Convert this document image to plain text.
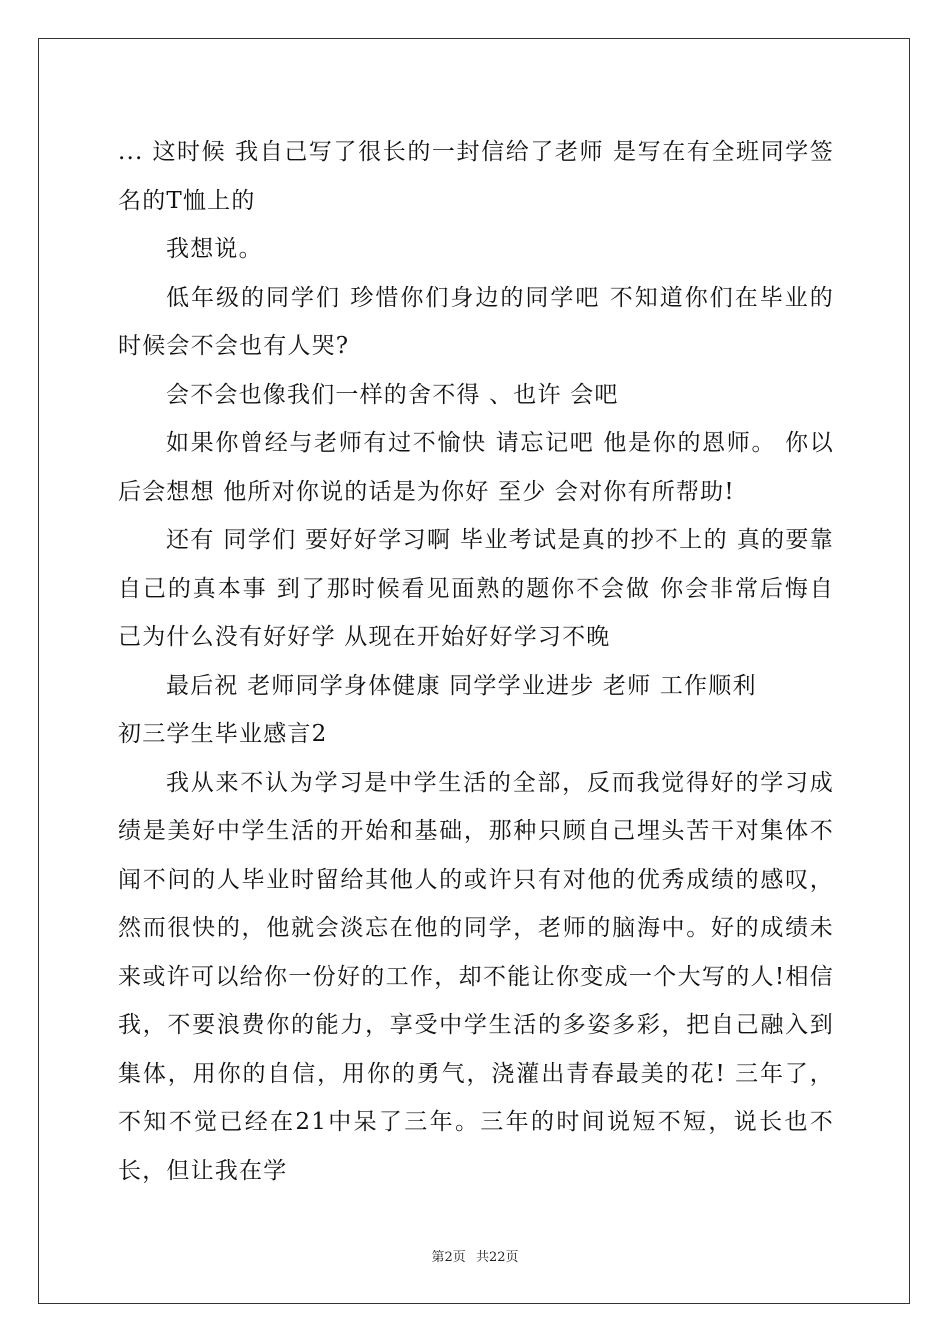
... 这时候 我自己写了很长的一封信给了老师 是写在有全班同学签名的T恤上的

我想说。

低年级的同学们 珍惜你们身边的同学吧 不知道你们在毕业的时候会不会也有人哭?

会不会也像我们一样的舍不得 、也许 会吧

如果你曾经与老师有过不愉快 请忘记吧 他是你的恩师。 你以后会想想 他所对你说的话是为你好 至少 会对你有所帮助!

还有 同学们 要好好学习啊 毕业考试是真的抄不上的 真的要靠自己的真本事 到了那时候看见面熟的题你不会做 你会非常后悔自己为什么没有好好学 从现在开始好好学习不晚

最后祝 老师同学身体健康 同学学业进步 老师 工作顺利

初三学生毕业感言2

我从来不认为学习是中学生活的全部，反而我觉得好的学习成绩是美好中学生活的开始和基础，那种只顾自己埋头苦干对集体不闻不问的人毕业时留给其他人的或许只有对他的优秀成绩的感叹，然而很快的，他就会淡忘在他的同学，老师的脑海中。好的成绩未来或许可以给你一份好的工作，却不能让你变成一个大写的人!相信我，不要浪费你的能力，享受中学生活的多姿多彩，把自己融入到集体，用你的自信，用你的勇气，浇灌出青春最美的花! 三年了，不知不觉已经在21中呆了三年。三年的时间说短不短，说长也不长，但让我在学

第2页 共22页
